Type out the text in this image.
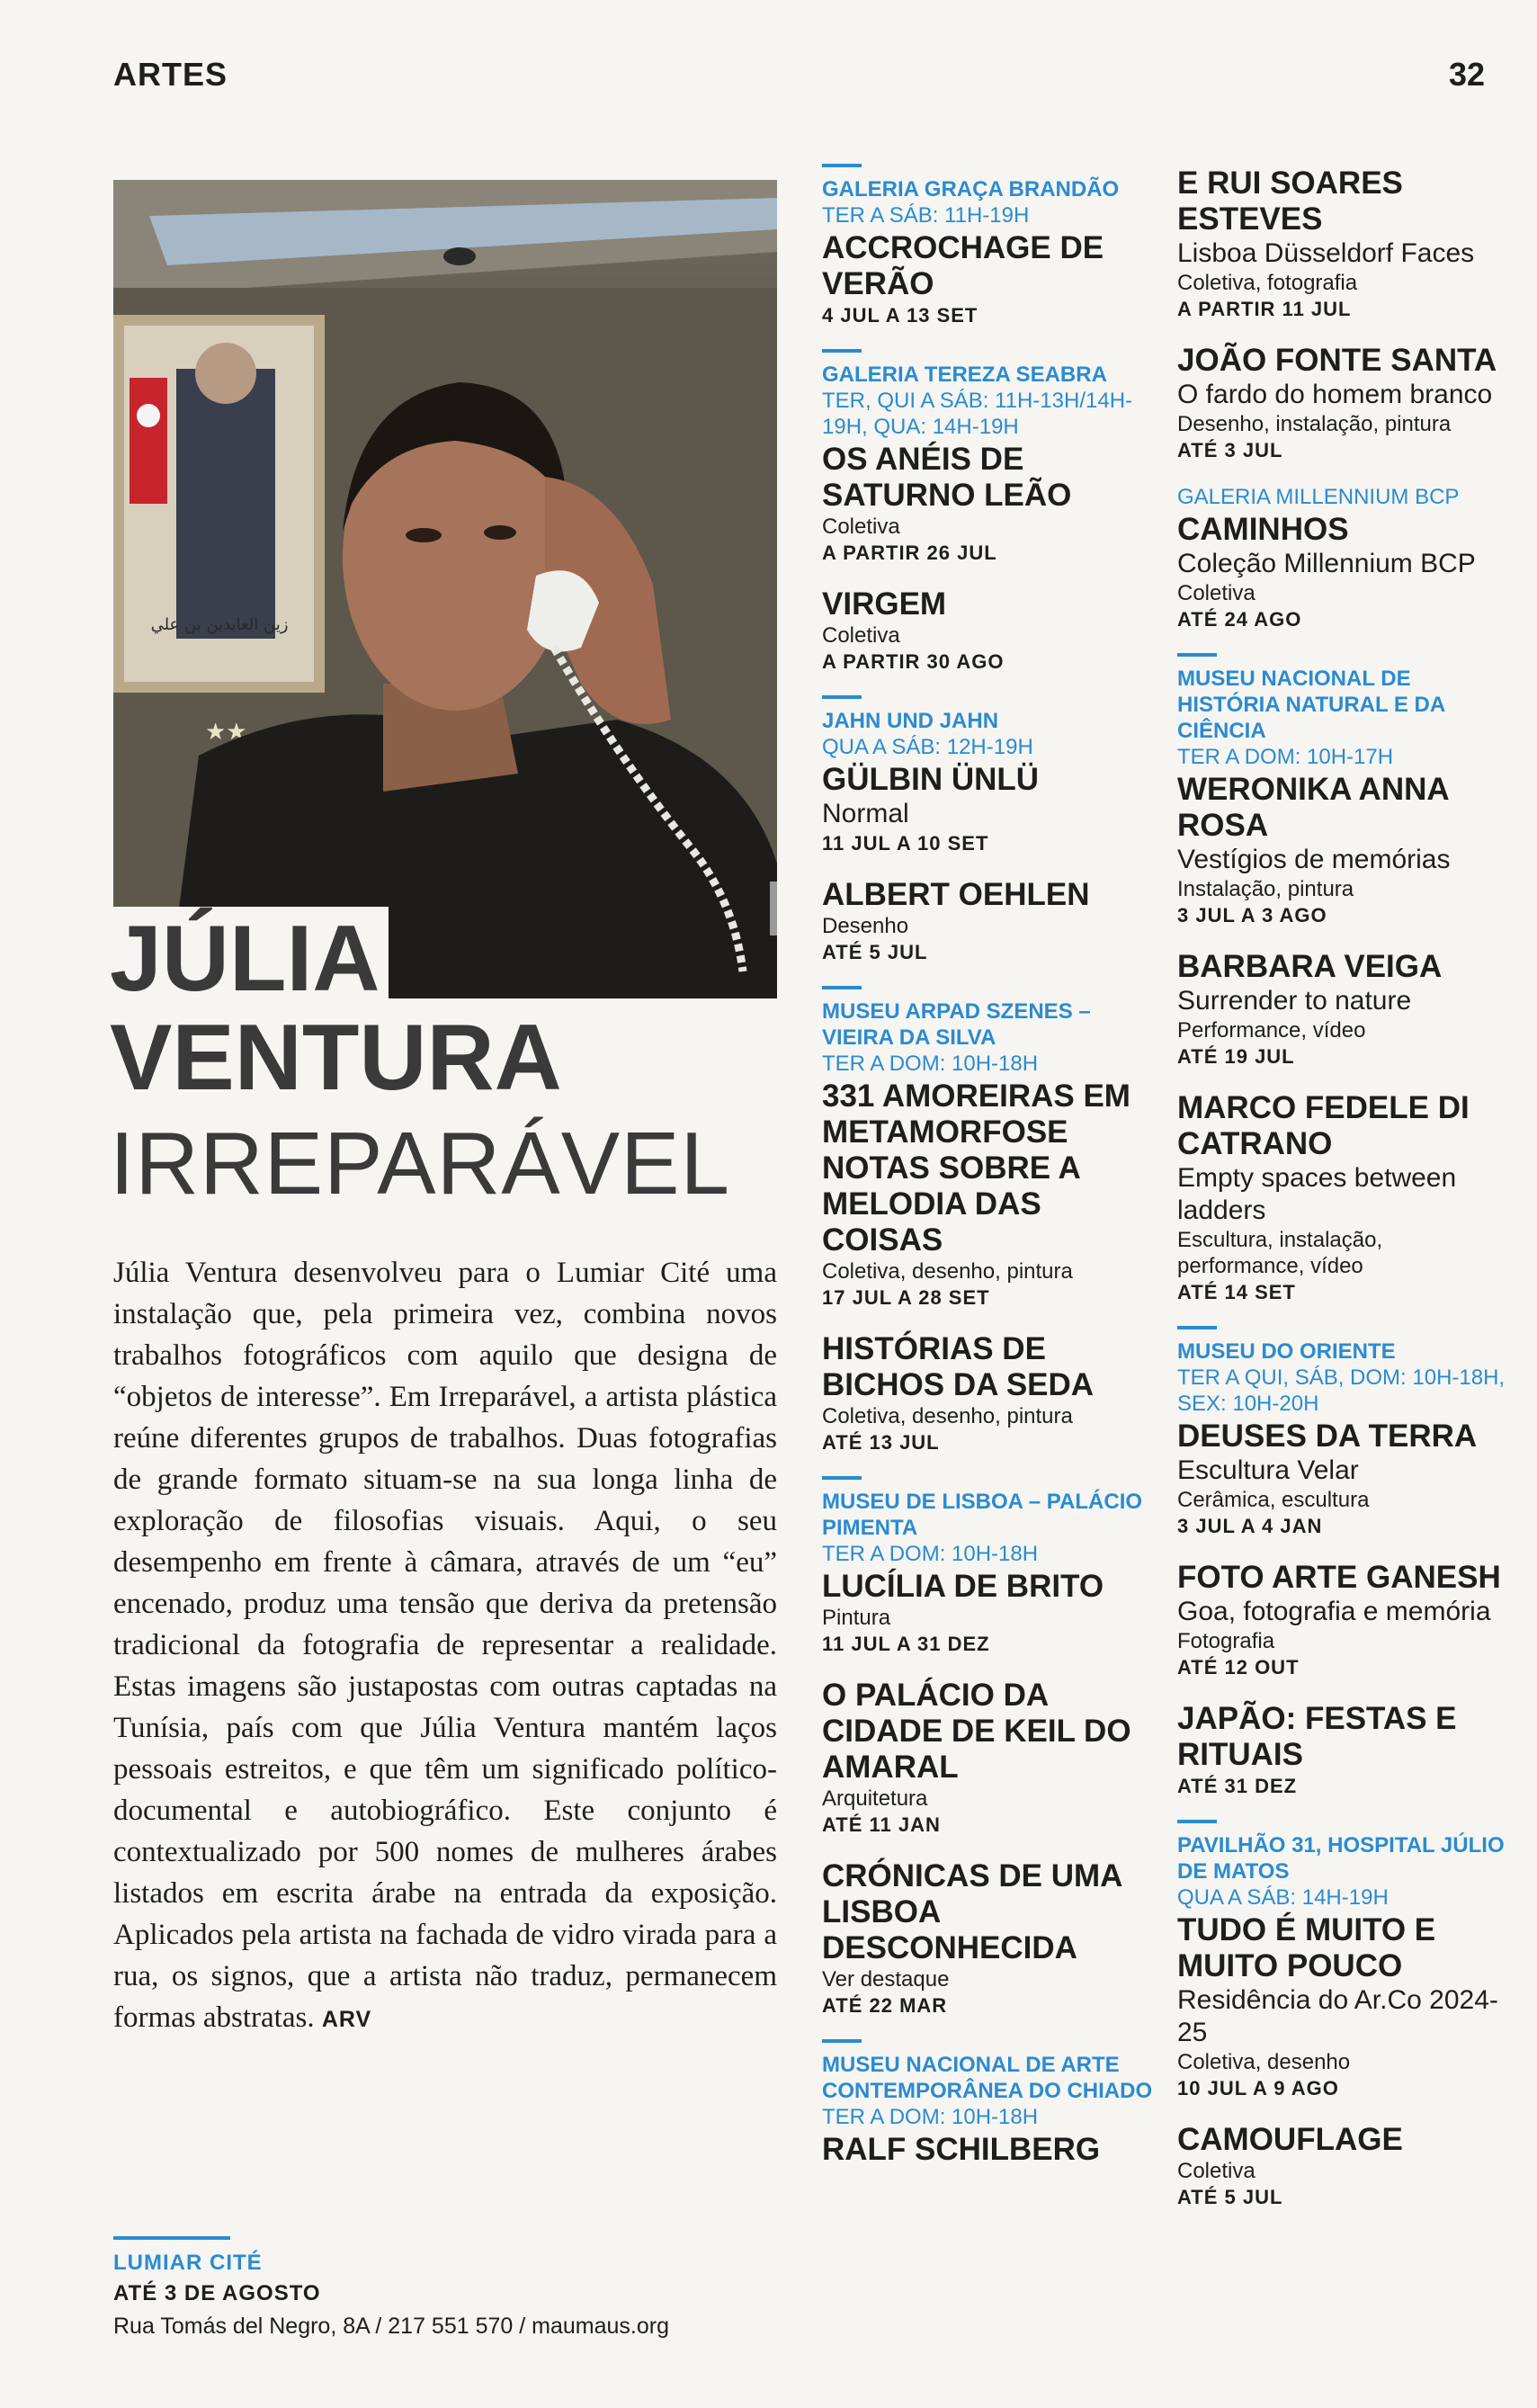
ARTES	32
زين العابدين بن علي
★★
JÚLIA
VENTURA
IRREPARÁVEL
Júlia Ventura desenvolveu para o Lumiar Cité uma instalação que, pela primeira vez, combina novos trabalhos fotográficos com aquilo que designa de “objetos de interesse”. Em Irreparável, a artista plástica reúne diferentes grupos de trabalhos. Duas fotografias de grande formato situam-se na sua longa linha de exploração de filosofias visuais. Aqui, o seu desempenho em frente à câmara, através de um “eu” encenado, produz uma tensão que deriva da pretensão tradicional da fotografia de representar a realidade. Estas imagens são justapostas com outras captadas na Tunísia, país com que Júlia Ventura mantém laços pessoais estreitos, e que têm um significado político-documental e autobiográfico. Este conjunto é contextualizado por 500 nomes de mulheres árabes listados em escrita árabe na entrada da exposição. Aplicados pela artista na fachada de vidro virada para a rua, os signos, que a artista não traduz, permanecem formas abstratas. ARV
LUMIAR CITÉ
ATÉ 3 DE AGOSTO
Rua Tomás del Negro, 8A / 217 551 570 / maumaus.org
GALERIA GRAÇA BRANDÃO
TER A SÁB: 11H-19H
ACCROCHAGE DE VERÃO
4 JUL A 13 SET
GALERIA TEREZA SEABRA
TER, QUI A SÁB: 11H-13H/14H-19H, QUA: 14H-19H
OS ANÉIS DE SATURNO LEÃO
Coletiva
A PARTIR 26 JUL
VIRGEM
Coletiva
A PARTIR 30 AGO
JAHN UND JAHN
QUA A SÁB: 12H-19H
GÜLBIN ÜNLÜ
Normal
11 JUL A 10 SET
ALBERT OEHLEN
Desenho
ATÉ 5 JUL
MUSEU ARPAD SZENES – VIEIRA DA SILVA
TER A DOM: 10H-18H
331 AMOREIRAS EM METAMORFOSE NOTAS SOBRE A MELODIA DAS COISAS
Coletiva, desenho, pintura
17 JUL A 28 SET
HISTÓRIAS DE BICHOS DA SEDA
Coletiva, desenho, pintura
ATÉ 13 JUL
MUSEU DE LISBOA – PALÁCIO PIMENTA
TER A DOM: 10H-18H
LUCÍLIA DE BRITO
Pintura
11 JUL A 31 DEZ
O PALÁCIO DA CIDADE DE KEIL DO AMARAL
Arquitetura
ATÉ 11 JAN
CRÓNICAS DE UMA LISBOA DESCONHECIDA
Ver destaque
ATÉ 22 MAR
MUSEU NACIONAL DE ARTE CONTEMPORÂNEA DO CHIADO
TER A DOM: 10H-18H
RALF SCHILBERG
E RUI SOARES ESTEVES
Lisboa Düsseldorf Faces
Coletiva, fotografia
A PARTIR 11 JUL
JOÃO FONTE SANTA
O fardo do homem branco
Desenho, instalação, pintura
ATÉ 3 JUL
GALERIA MILLENNIUM BCP
CAMINHOS
Coleção Millennium BCP
Coletiva
ATÉ 24 AGO
MUSEU NACIONAL DE HISTÓRIA NATURAL E DA CIÊNCIA
TER A DOM: 10H-17H
WERONIKA ANNA ROSA
Vestígios de memórias
Instalação, pintura
3 JUL A 3 AGO
BARBARA VEIGA
Surrender to nature
Performance, vídeo
ATÉ 19 JUL
MARCO FEDELE DI CATRANO
Empty spaces between ladders
Escultura, instalação, performance, vídeo
ATÉ 14 SET
MUSEU DO ORIENTE
TER A QUI, SÁB, DOM: 10H-18H, SEX: 10H-20H
DEUSES DA TERRA
Escultura Velar
Cerâmica, escultura
3 JUL A 4 JAN
FOTO ARTE GANESH
Goa, fotografia e memória
Fotografia
ATÉ 12 OUT
JAPÃO: FESTAS E RITUAIS
ATÉ 31 DEZ
PAVILHÃO 31, HOSPITAL JÚLIO DE MATOS
QUA A SÁB: 14H-19H
TUDO É MUITO E MUITO POUCO
Residência do Ar.Co 2024-25
Coletiva, desenho
10 JUL A 9 AGO
CAMOUFLAGE
Coletiva
ATÉ 5 JUL
